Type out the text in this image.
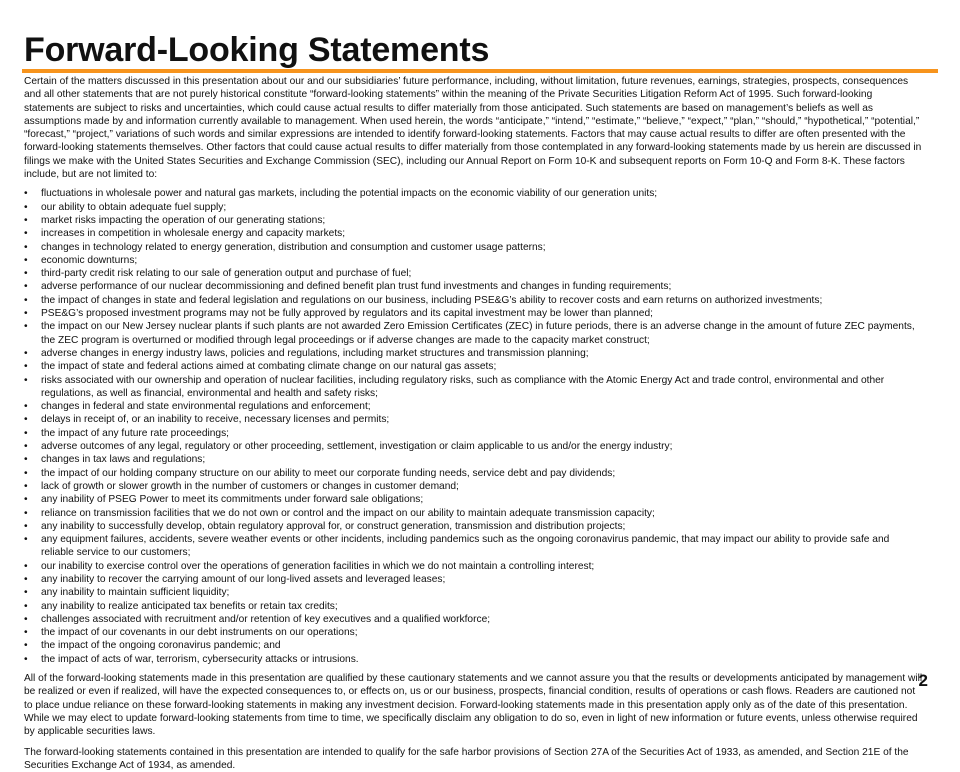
Forward-Looking Statements

Certain of the matters discussed in this presentation about our and our subsidiaries’ future performance, including, without limitation, future revenues, earnings, strategies, prospects, consequences and all other statements that are not purely historical constitute “forward-looking statements” within the meaning of the Private Securities Litigation Reform Act of 1995. Such forward-looking statements are subject to risks and uncertainties, which could cause actual results to differ materially from those anticipated. Such statements are based on management’s beliefs as well as assumptions made by and information currently available to management. When used herein, the words “anticipate,” “intend,” “estimate,” “believe,” “expect,” “plan,” “should,” “hypothetical,” “potential,” “forecast,” “project,” variations of such words and similar expressions are intended to identify forward-looking statements. Factors that may cause actual results to differ are often presented with the forward-looking statements themselves. Other factors that could cause actual results to differ materially from those contemplated in any forward-looking statements made by us herein are discussed in filings we make with the United States Securities and Exchange Commission (SEC), including our Annual Report on Form 10-K and subsequent reports on Form 10-Q and Form 8-K. These factors include, but are not limited to:

• fluctuations in wholesale power and natural gas markets, including the potential impacts on the economic viability of our generation units;
• our ability to obtain adequate fuel supply;
• market risks impacting the operation of our generating stations;
• increases in competition in wholesale energy and capacity markets;
• changes in technology related to energy generation, distribution and consumption and customer usage patterns;
• economic downturns;
• third-party credit risk relating to our sale of generation output and purchase of fuel;
• adverse performance of our nuclear decommissioning and defined benefit plan trust fund investments and changes in funding requirements;
• the impact of changes in state and federal legislation and regulations on our business, including PSE&G’s ability to recover costs and earn returns on authorized investments;
• PSE&G’s proposed investment programs may not be fully approved by regulators and its capital investment may be lower than planned;
• the impact on our New Jersey nuclear plants if such plants are not awarded Zero Emission Certificates (ZEC) in future periods, there is an adverse change in the amount of future ZEC payments, the ZEC program is overturned or modified through legal proceedings or if adverse changes are made to the capacity market construct;
• adverse changes in energy industry laws, policies and regulations, including market structures and transmission planning;
• the impact of state and federal actions aimed at combating climate change on our natural gas assets;
• risks associated with our ownership and operation of nuclear facilities, including regulatory risks, such as compliance with the Atomic Energy Act and trade control, environmental and other regulations, as well as financial, environmental and health and safety risks;
• changes in federal and state environmental regulations and enforcement;
• delays in receipt of, or an inability to receive, necessary licenses and permits;
• the impact of any future rate proceedings;
• adverse outcomes of any legal, regulatory or other proceeding, settlement, investigation or claim applicable to us and/or the energy industry;
• changes in tax laws and regulations;
• the impact of our holding company structure on our ability to meet our corporate funding needs, service debt and pay dividends;
• lack of growth or slower growth in the number of customers or changes in customer demand;
• any inability of PSEG Power to meet its commitments under forward sale obligations;
• reliance on transmission facilities that we do not own or control and the impact on our ability to maintain adequate transmission capacity;
• any inability to successfully develop, obtain regulatory approval for, or construct generation, transmission and distribution projects;
• any equipment failures, accidents, severe weather events or other incidents, including pandemics such as the ongoing coronavirus pandemic, that may impact our ability to provide safe and reliable service to our customers;
• our inability to exercise control over the operations of generation facilities in which we do not maintain a controlling interest;
• any inability to recover the carrying amount of our long-lived assets and leveraged leases;
• any inability to maintain sufficient liquidity;
• any inability to realize anticipated tax benefits or retain tax credits;
• challenges associated with recruitment and/or retention of key executives and a qualified workforce;
• the impact of our covenants in our debt instruments on our operations;
• the impact of the ongoing coronavirus pandemic; and
• the impact of acts of war, terrorism, cybersecurity attacks or intrusions.

All of the forward-looking statements made in this presentation are qualified by these cautionary statements and we cannot assure you that the results or developments anticipated by management will be realized or even if realized, will have the expected consequences to, or effects on, us or our business, prospects, financial condition, results of operations or cash flows. Readers are cautioned not to place undue reliance on these forward-looking statements in making any investment decision. Forward-looking statements made in this presentation apply only as of the date of this presentation. While we may elect to update forward-looking statements from time to time, we specifically disclaim any obligation to do so, even in light of new information or future events, unless otherwise required by applicable securities laws.

The forward-looking statements contained in this presentation are intended to qualify for the safe harbor provisions of Section 27A of the Securities Act of 1933, as amended, and Section 21E of the Securities Exchange Act of 1934, as amended.

2
